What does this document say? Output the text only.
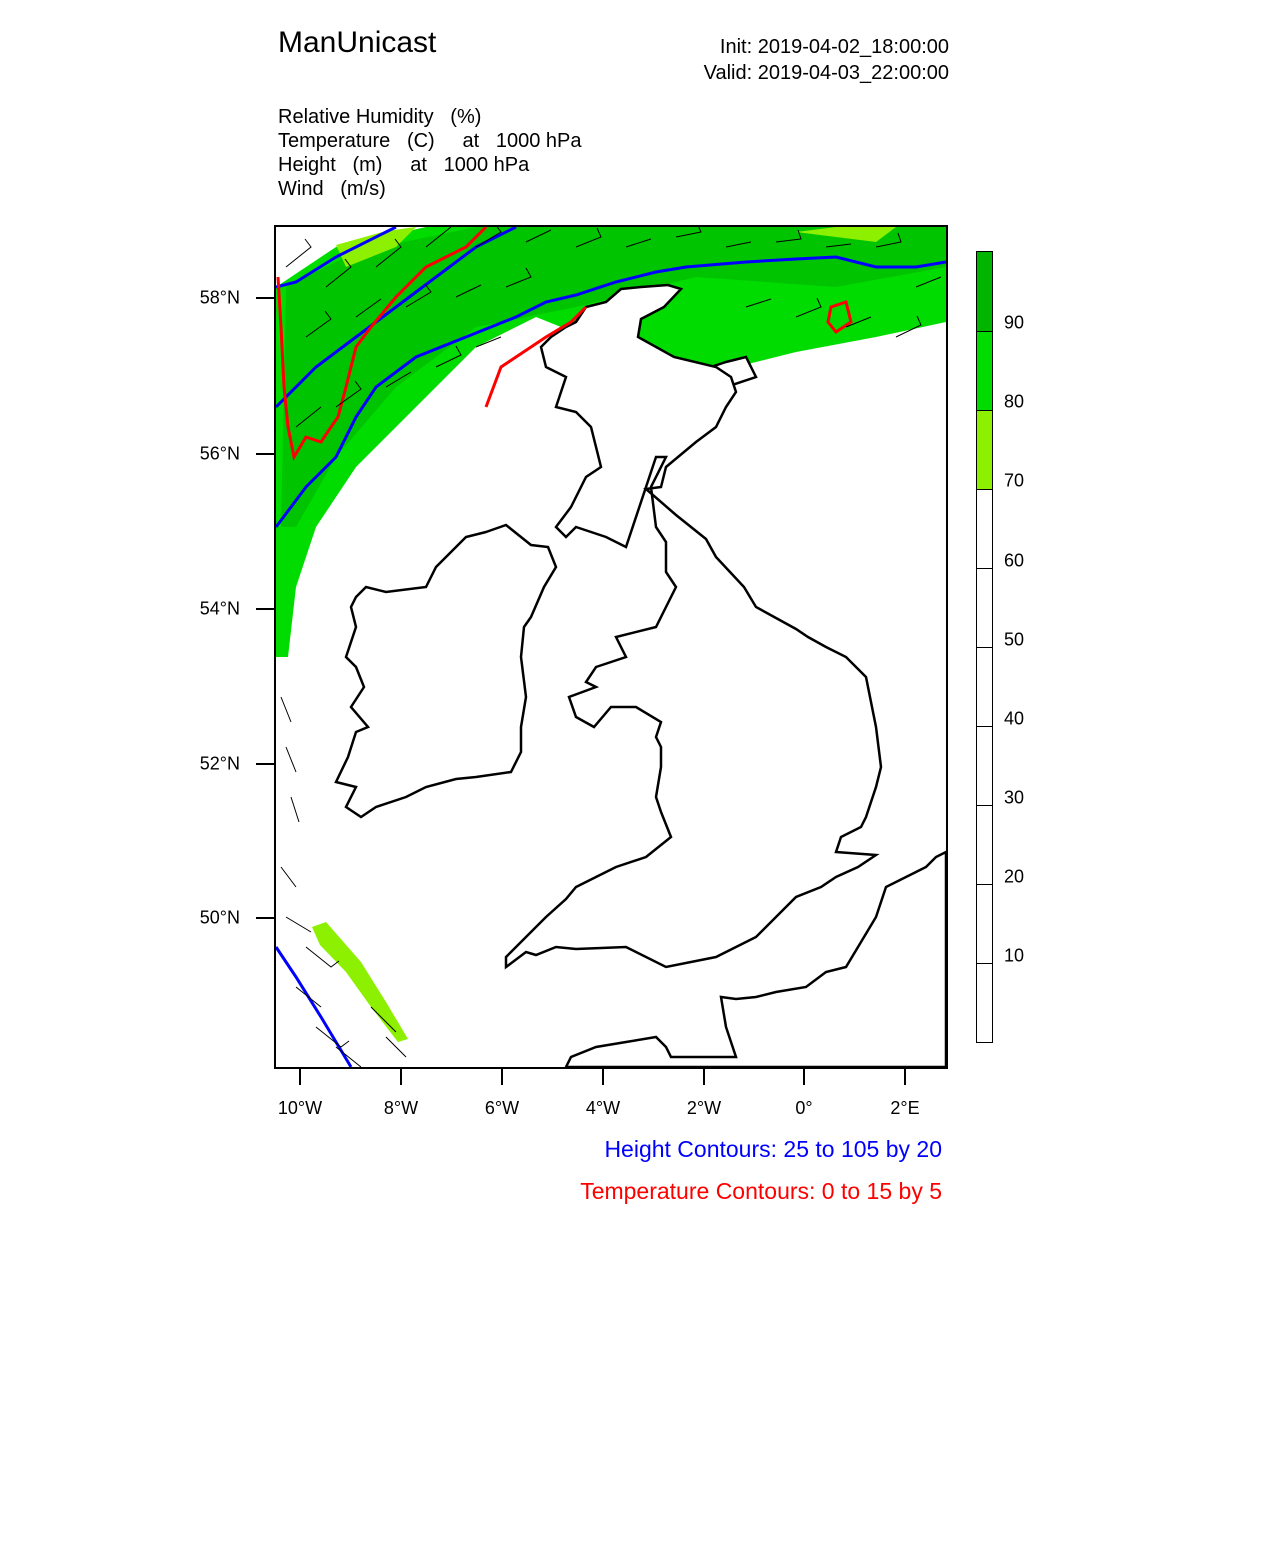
ManUnicast	Init: 2019-04-02_18:00:00
Valid: 2019-04-03_22:00:00
Relative Humidity (%)
Temperature (C) at 1000 hPa
Height (m) at 1000 hPa
Wind (m/s)
58°N
56°N
54°N
52°N
50°N
10°W	8°W	6°W	4°W	2°W	0°	2°E
90
80
70
60
50
40
30
20
10
Height Contours: 25 to 105 by 20
Temperature Contours: 0 to 15 by 5
